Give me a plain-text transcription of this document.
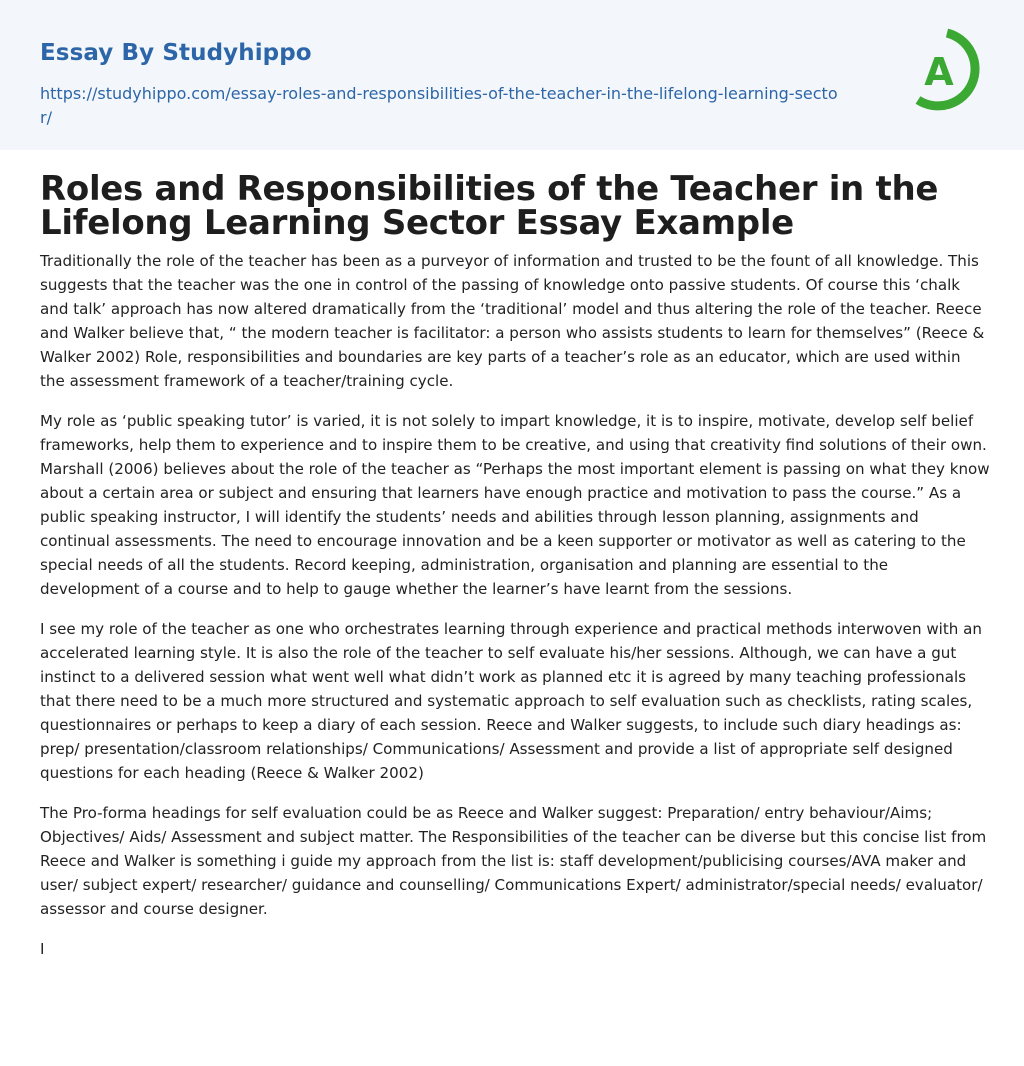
Essay By Studyhippo
https://studyhippo.com/essay-roles-and-responsibilities-of-the-teacher-in-the-lifelong-learning-sector/
A
Roles and Responsibilities of the Teacher in the Lifelong Learning Sector Essay Example

Traditionally the role of the teacher has been as a purveyor of information and trusted to be the fount of all knowledge. This suggests that the teacher was the one in control of the passing of knowledge onto passive students. Of course this ‘chalk and talk’ approach has now altered dramatically from the ‘traditional’ model and thus altering the role of the teacher. Reece and Walker believe that, “ the modern teacher is facilitator: a person who assists students to learn for themselves” (Reece & Walker 2002) Role, responsibilities and boundaries are key parts of a teacher’s role as an educator, which are used within the assessment framework of a teacher/training cycle.

My role as ‘public speaking tutor’ is varied, it is not solely to impart knowledge, it is to inspire, motivate, develop self belief frameworks, help them to experience and to inspire them to be creative, and using that creativity find solutions of their own. Marshall (2006) believes about the role of the teacher as “Perhaps the most important element is passing on what they know about a certain area or subject and ensuring that learners have enough practice and motivation to pass the course.” As a public speaking instructor, I will identify the students’ needs and abilities through lesson planning, assignments and continual assessments. The need to encourage innovation and be a keen supporter or motivator as well as catering to the special needs of all the students. Record keeping, administration, organisation and planning are essential to the development of a course and to help to gauge whether the learner’s have learnt from the sessions.

I see my role of the teacher as one who orchestrates learning through experience and practical methods interwoven with an accelerated learning style. It is also the role of the teacher to self evaluate his/her sessions. Although, we can have a gut instinct to a delivered session what went well what didn’t work as planned etc it is agreed by many teaching professionals that there need to be a much more structured and systematic approach to self evaluation such as checklists, rating scales, questionnaires or perhaps to keep a diary of each session. Reece and Walker suggests, to include such diary headings as: prep/ presentation/classroom relationships/ Communications/ Assessment and provide a list of appropriate self designed questions for each heading (Reece & Walker 2002)

The Pro-forma headings for self evaluation could be as Reece and Walker suggest: Preparation/ entry behaviour/Aims; Objectives/ Aids/ Assessment and subject matter. The Responsibilities of the teacher can be diverse but this concise list from Reece and Walker is something i guide my approach from the list is: staff development/publicising courses/AVA maker and user/ subject expert/ researcher/ guidance and counselling/ Communications Expert/ administrator/special needs/ evaluator/ assessor and course designer.

I
